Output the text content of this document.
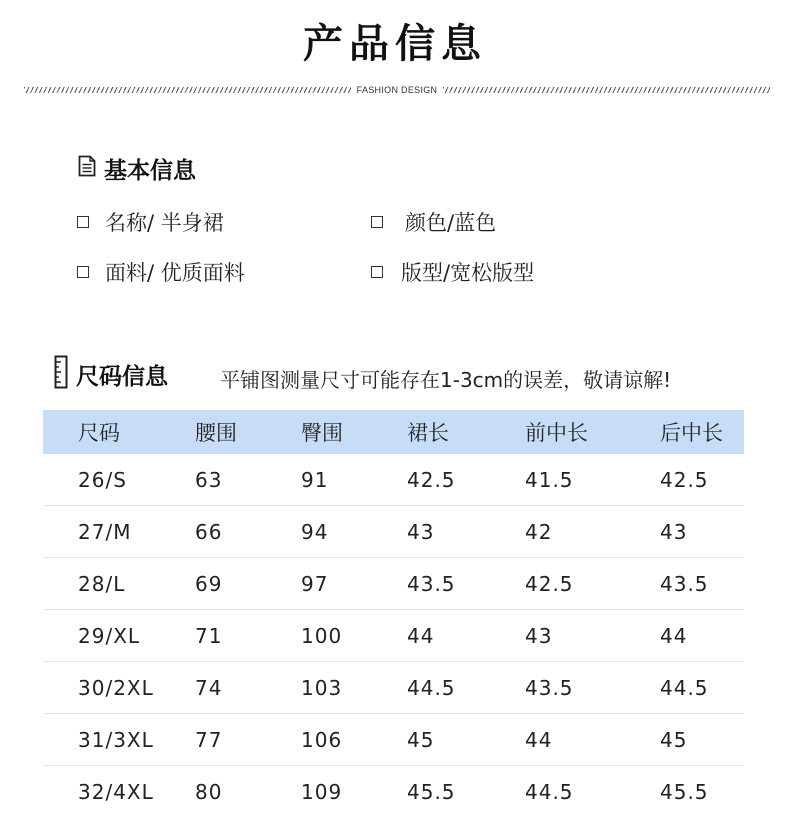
产品信息
FASHION DESIGN
基本信息
名称/ 半身裙	颜色/蓝色
面料/ 优质面料	版型/宽松版型
尺码信息	平铺图测量尺寸可能存在1-3cm的误差，敬请谅解!
尺码	腰围	臀围	裙长	前中长	后中长
26/S	63	91	42.5	41.5	42.5
27/M	66	94	43	42	43
28/L	69	97	43.5	42.5	43.5
29/XL	71	100	44	43	44
30/2XL	74	103	44.5	43.5	44.5
31/3XL	77	106	45	44	45
32/4XL	80	109	45.5	44.5	45.5
